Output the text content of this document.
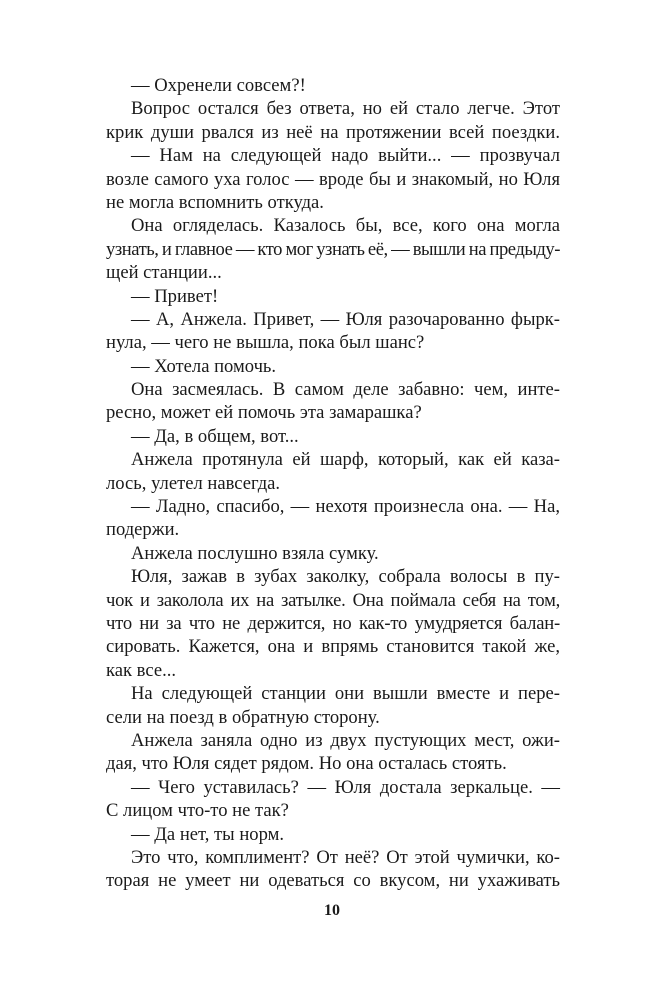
— Охренели совсем?!
Вопрос остался без ответа, но ей стало легче. Этот
крик души рвался из неё на протяжении всей поездки.
— Нам на следующей надо выйти... — прозвучал
возле самого уха голос — вроде бы и знакомый, но Юля
не могла вспомнить откуда.
Она огляделась. Казалось бы, все, кого она могла
узнать, и главное — кто мог узнать её, — вышли на предыду-
щей станции...
— Привет!
— А, Анжела. Привет, — Юля разочарованно фырк-
нула, — чего не вышла, пока был шанс?
— Хотела помочь.
Она засмеялась. В самом деле забавно: чем, инте-
ресно, может ей помочь эта замарашка?
— Да, в общем, вот...
Анжела протянула ей шарф, который, как ей каза-
лось, улетел навсегда.
— Ладно, спасибо, — нехотя произнесла она. — На,
подержи.
Анжела послушно взяла сумку.
Юля, зажав в зубах заколку, собрала волосы в пу-
чок и заколола их на затылке. Она поймала себя на том,
что ни за что не держится, но как-то умудряется балан-
сировать. Кажется, она и впрямь становится такой же,
как все...
На следующей станции они вышли вместе и пере-
сели на поезд в обратную сторону.
Анжела заняла одно из двух пустующих мест, ожи-
дая, что Юля сядет рядом. Но она осталась стоять.
— Чего уставилась? — Юля достала зеркальце. —
С лицом что-то не так?
— Да нет, ты норм.
Это что, комплимент? От неё? От этой чумички, ко-
торая не умеет ни одеваться со вкусом, ни ухаживать
10
